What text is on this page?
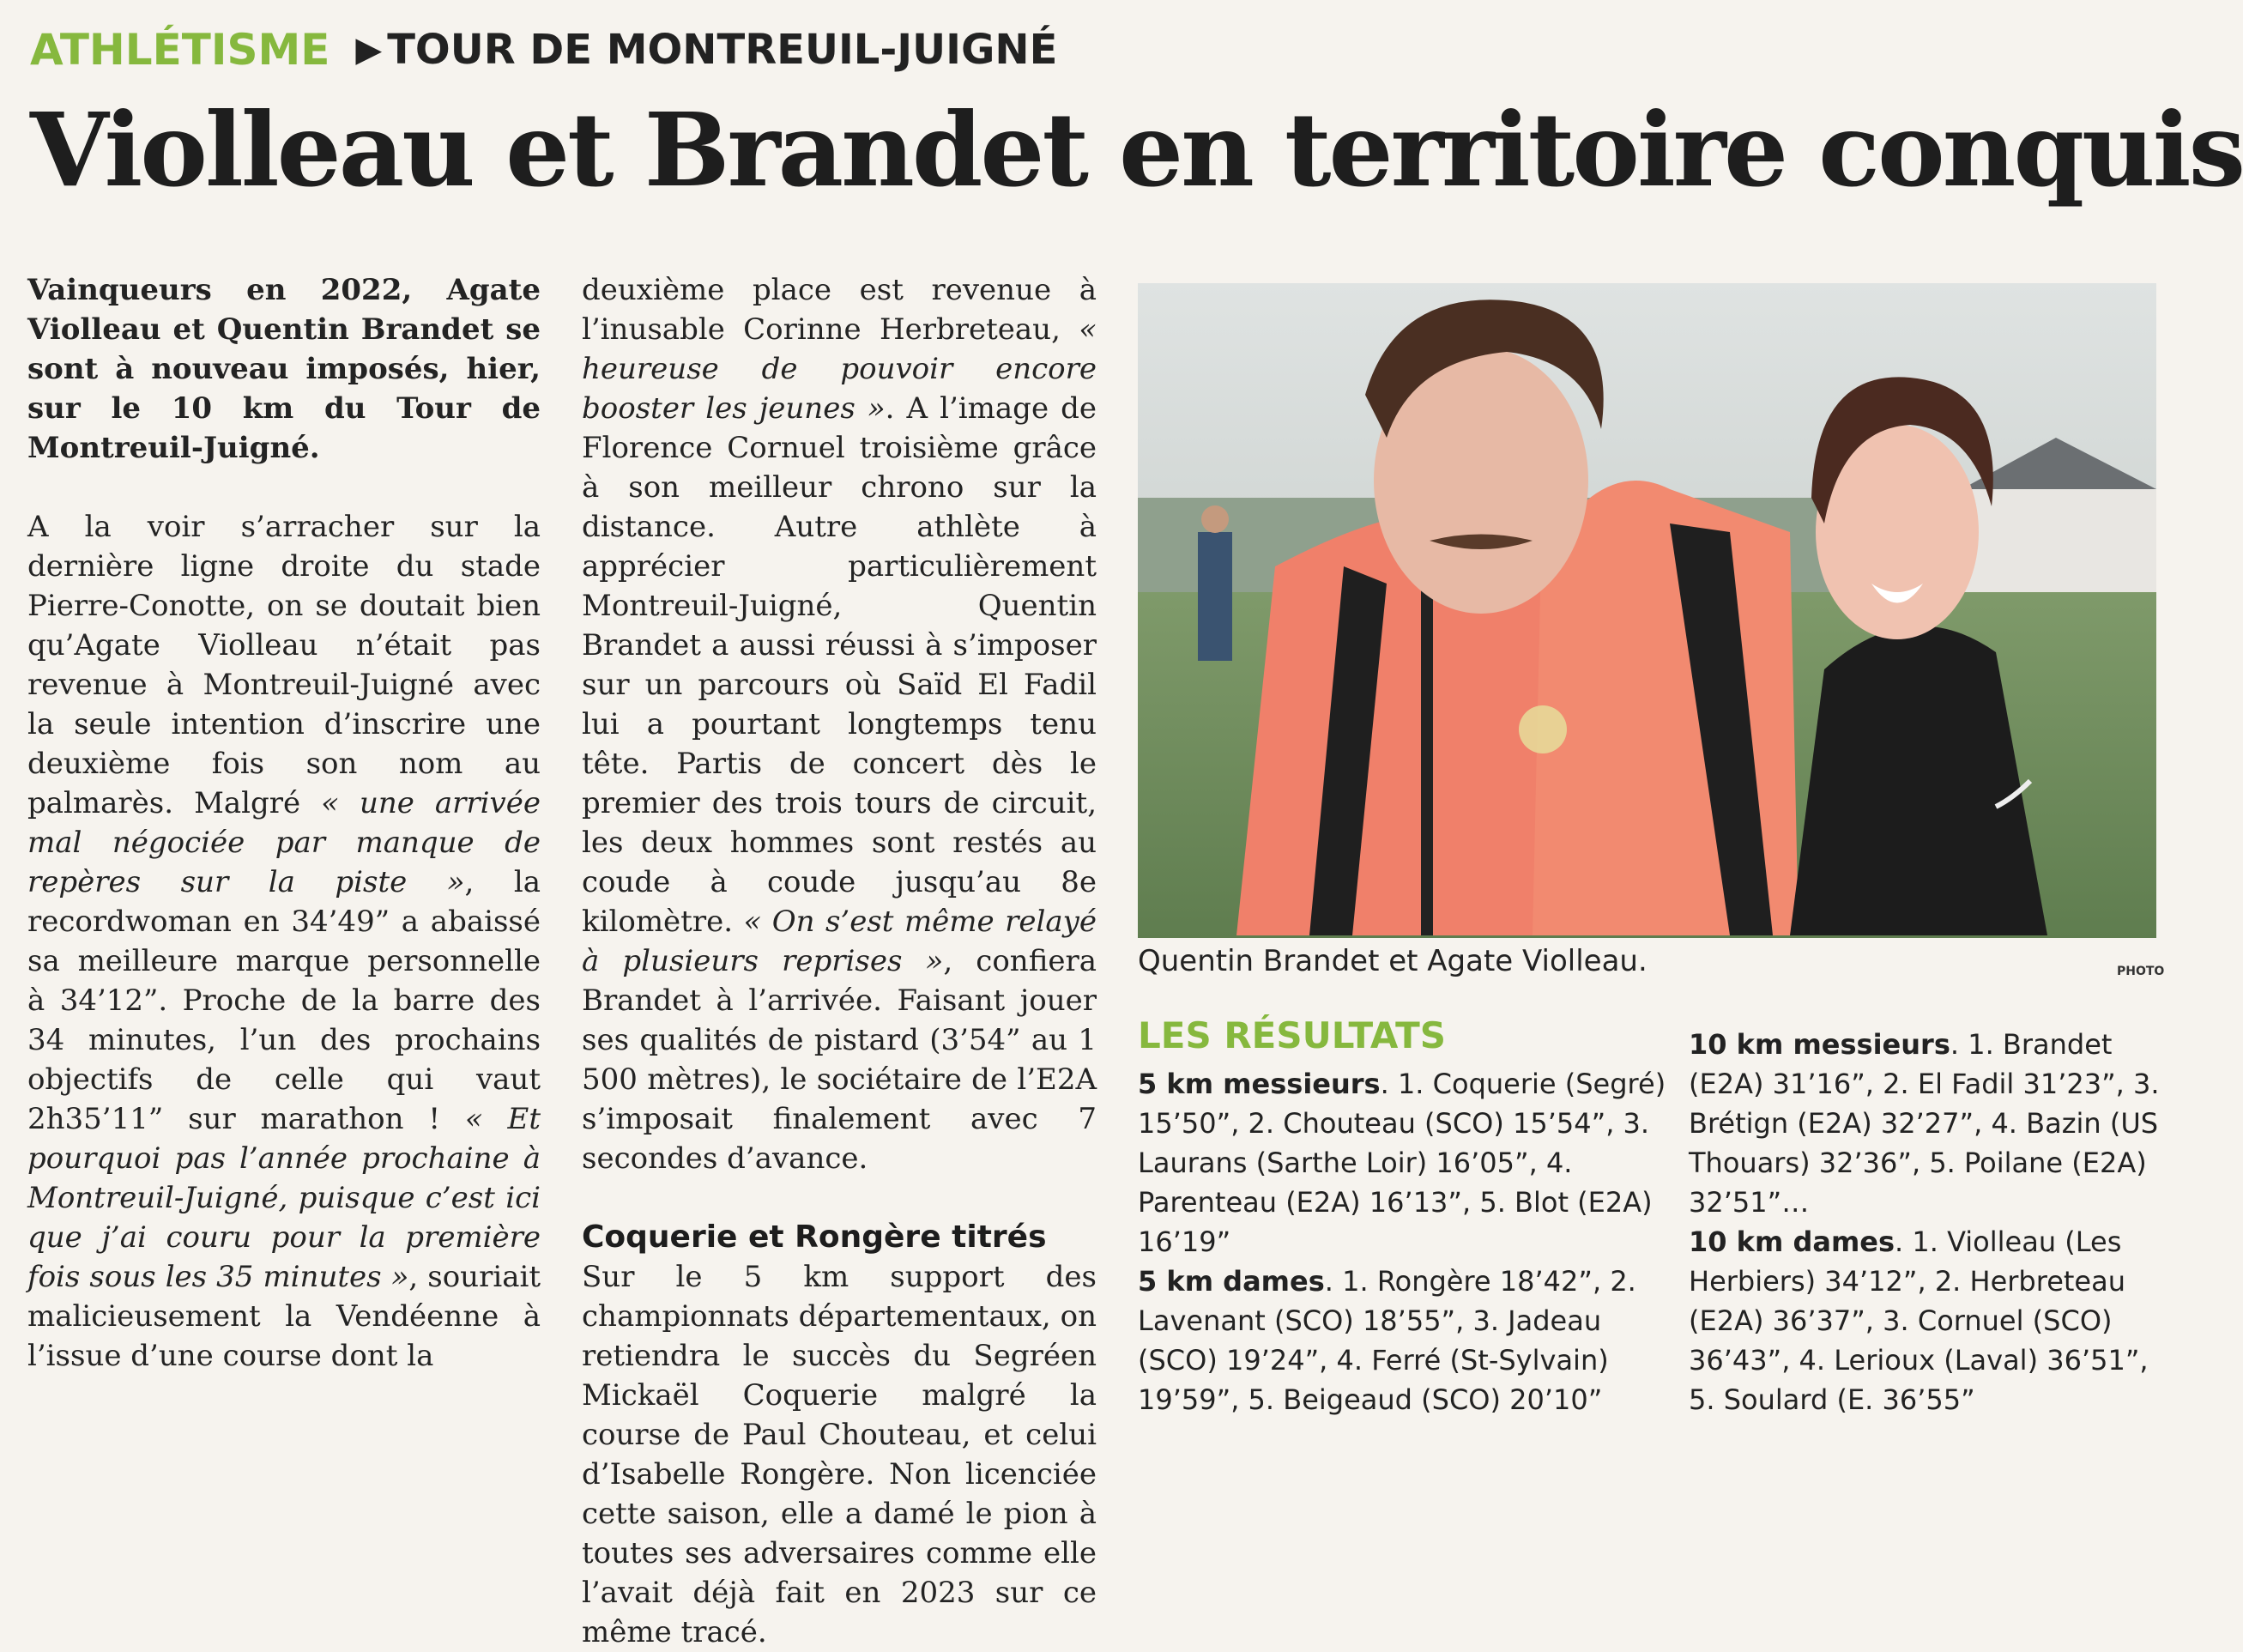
ATHLÉTISME ▶ TOUR DE MONTREUIL-JUIGNÉ
Violleau et Brandet en territoire conquis

Vainqueurs en 2022, Agate Violleau et Quentin Brandet se sont à nouveau imposés, hier, sur le 10 km du Tour de Montreuil-Juigné.

A la voir s’arracher sur la dernière ligne droite du stade Pierre-Conotte, on se doutait bien qu’Agate Violleau n’était pas revenue à Montreuil-Juigné avec la seule intention d’inscrire une deuxième fois son nom au palmarès. Malgré « une arrivée mal négociée par manque de repères sur la piste », la recordwoman en 34’49” a abaissé sa meilleure marque personnelle à 34’12”. Proche de la barre des 34 minutes, l’un des prochains objectifs de celle qui vaut 2h35’11” sur marathon ! « Et pourquoi pas l’année prochaine à Montreuil-Juigné, puisque c’est ici que j’ai couru pour la première fois sous les 35 minutes », souriait malicieusement la Vendéenne à l’issue d’une course dont la

Quentin Brandet et Agate Violleau.	PHOTO
LES RÉSULTATS
5 km messieurs. 1. Coquerie (Segré) 15’50”, 2. Chouteau (SCO) 15’54”, 3. Laurans (Sarthe Loir) 16’05”, 4. Parenteau (E2A) 16’13”, 5. Blot (E2A) 16’19”
5 km dames. 1. Rongère 18’42”, 2. Lavenant (SCO) 18’55”, 3. Jadeau (SCO) 19’24”, 4. Ferré (St-Sylvain) 19’59”, 5. Beigeaud (SCO) 20’10”
10 km messieurs. 1. Brandet (E2A) 31’16”, 2. El Fadil 31’23”, 3. Brétign (E2A) 32’27”, 4. Bazin (US Thouars) 32’36”, 5. Poilane (E2A) 32’51”…
10 km dames. 1. Violleau (Les Herbiers) 34’12”, 2. Herbreteau (E2A) 36’37”, 3. Cornuel (SCO) 36’43”, 4. Lerioux (Laval) 36’51”, 5. Soulard (E. 36’55”

deuxième place est revenue à l’inusable Corinne Herbreteau, « heureuse de pouvoir encore booster les jeunes ». A l’image de Florence Cornuel troisième grâce à son meilleur chrono sur la distance. Autre athlète à apprécier	particulièrement Montreuil-Juigné,	Quentin Brandet a aussi réussi à s’imposer sur un parcours où Saïd El Fadil lui a pourtant longtemps tenu tête. Partis de concert dès le premier des trois tours de circuit, les deux hommes sont restés au coude à coude jusqu’au 8e kilomètre. « On s’est même relayé à plusieurs reprises », confiera Brandet à l’arrivée. Faisant jouer ses qualités de pistard (3’54” au 1 500 mètres), le sociétaire de l’E2A s’imposait finalement avec 7 secondes d’avance.

Coquerie et Rongère titrés

Sur le 5 km support des championnats départementaux, on retiendra le succès du Segréen Mickaël Coquerie malgré la course de Paul Chouteau, et celui d’Isabelle Rongère. Non licenciée cette saison, elle a damé le pion à toutes ses adversaires comme elle l’avait déjà fait en 2023 sur ce même tracé.
